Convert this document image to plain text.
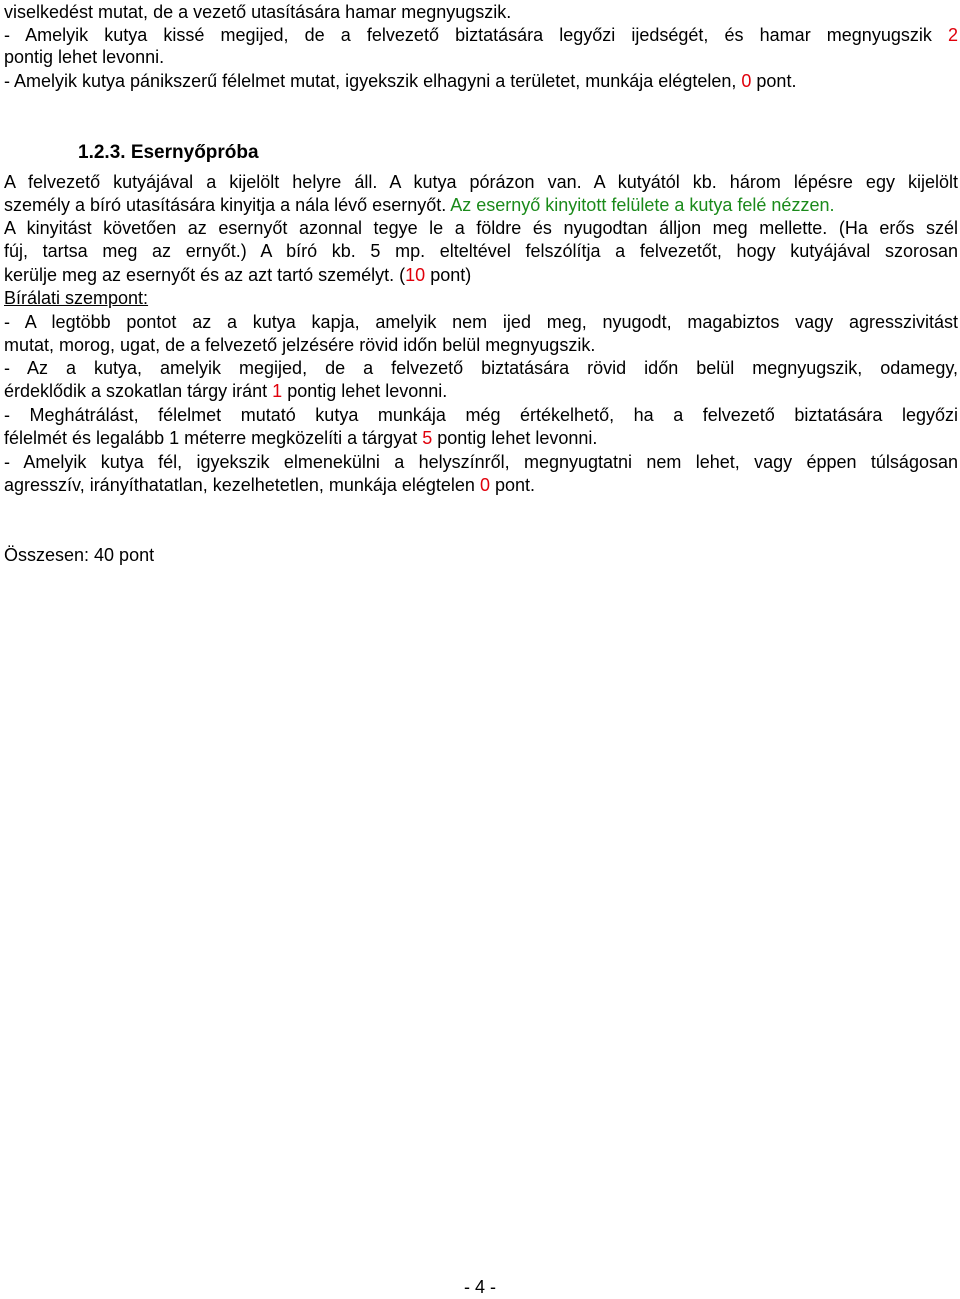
viselkedést mutat, de a vezető utasítására hamar megnyugszik.
- Amelyik kutya kissé megijed, de a felvezető biztatására legyőzi ijedségét, és hamar megnyugszik 2
pontig lehet levonni.
- Amelyik kutya pánikszerű félelmet mutat, igyekszik elhagyni a területet, munkája elégtelen, 0 pont.
1.2.3. Esernyőpróba
A felvezető kutyájával a kijelölt helyre áll. A kutya pórázon van. A kutyától kb. három lépésre egy kijelölt
személy a bíró utasítására kinyitja a nála lévő esernyőt. Az esernyő kinyitott felülete a kutya felé nézzen.
A kinyitást követően az esernyőt azonnal tegye le a földre és nyugodtan álljon meg mellette. (Ha erős szél
fúj, tartsa meg az ernyőt.) A bíró kb. 5 mp. elteltével felszólítja a felvezetőt, hogy kutyájával szorosan
kerülje meg az esernyőt és az azt tartó személyt. (10 pont)
Bírálati szempont:
- A legtöbb pontot az a kutya kapja, amelyik nem ijed meg, nyugodt, magabiztos vagy agresszivitást
mutat, morog, ugat, de a felvezető jelzésére rövid időn belül megnyugszik.
- Az a kutya, amelyik megijed, de a felvezető biztatására rövid időn belül megnyugszik, odamegy,
érdeklődik a szokatlan tárgy iránt 1 pontig lehet levonni.
- Meghátrálást, félelmet mutató kutya munkája még értékelhető, ha a felvezető biztatására legyőzi
félelmét és legalább 1 méterre megközelíti a tárgyat 5 pontig lehet levonni.
- Amelyik kutya fél, igyekszik elmenekülni a helyszínről, megnyugtatni nem lehet, vagy éppen túlságosan
agresszív, irányíthatatlan, kezelhetetlen, munkája elégtelen 0 pont.
Összesen: 40 pont
- 4 -
